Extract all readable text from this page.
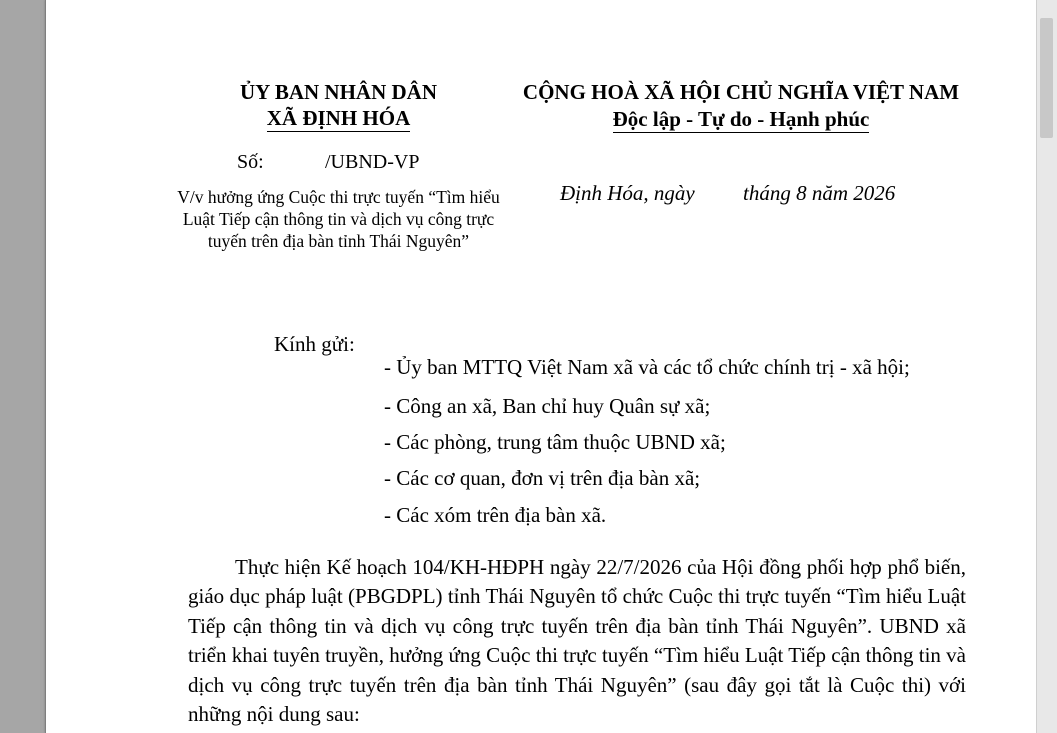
ỦY BAN NHÂN DÂN
XÃ ĐỊNH HÓA
CỘNG HOÀ XÃ HỘI CHỦ NGHĨA VIỆT NAM
Độc lập - Tự do - Hạnh phúc
Số:	/UBND-VP
V/v hưởng ứng Cuộc thi trực tuyến “Tìm hiểu Luật Tiếp cận thông tin và dịch vụ công trực tuyến trên địa bàn tỉnh Thái Nguyên”
Định Hóa, ngày tháng 8 năm 2026
Kính gửi:
- Ủy ban MTTQ Việt Nam xã và các tổ chức chính trị - xã hội;
- Công an xã, Ban chỉ huy Quân sự xã;
- Các phòng, trung tâm thuộc UBND xã;
- Các cơ quan, đơn vị trên địa bàn xã;
- Các xóm trên địa bàn xã.
Thực hiện Kế hoạch 104/KH-HĐPH ngày 22/7/2026 của Hội đồng phối hợp phổ biến, giáo dục pháp luật (PBGDPL) tỉnh Thái Nguyên tổ chức Cuộc thi trực tuyến “Tìm hiểu Luật Tiếp cận thông tin và dịch vụ công trực tuyến trên địa bàn tỉnh Thái Nguyên”. UBND xã triển khai tuyên truyền, hưởng ứng Cuộc thi trực tuyến “Tìm hiểu Luật Tiếp cận thông tin và dịch vụ công trực tuyến trên địa bàn tỉnh Thái Nguyên” (sau đây gọi tắt là Cuộc thi) với những nội dung sau:
